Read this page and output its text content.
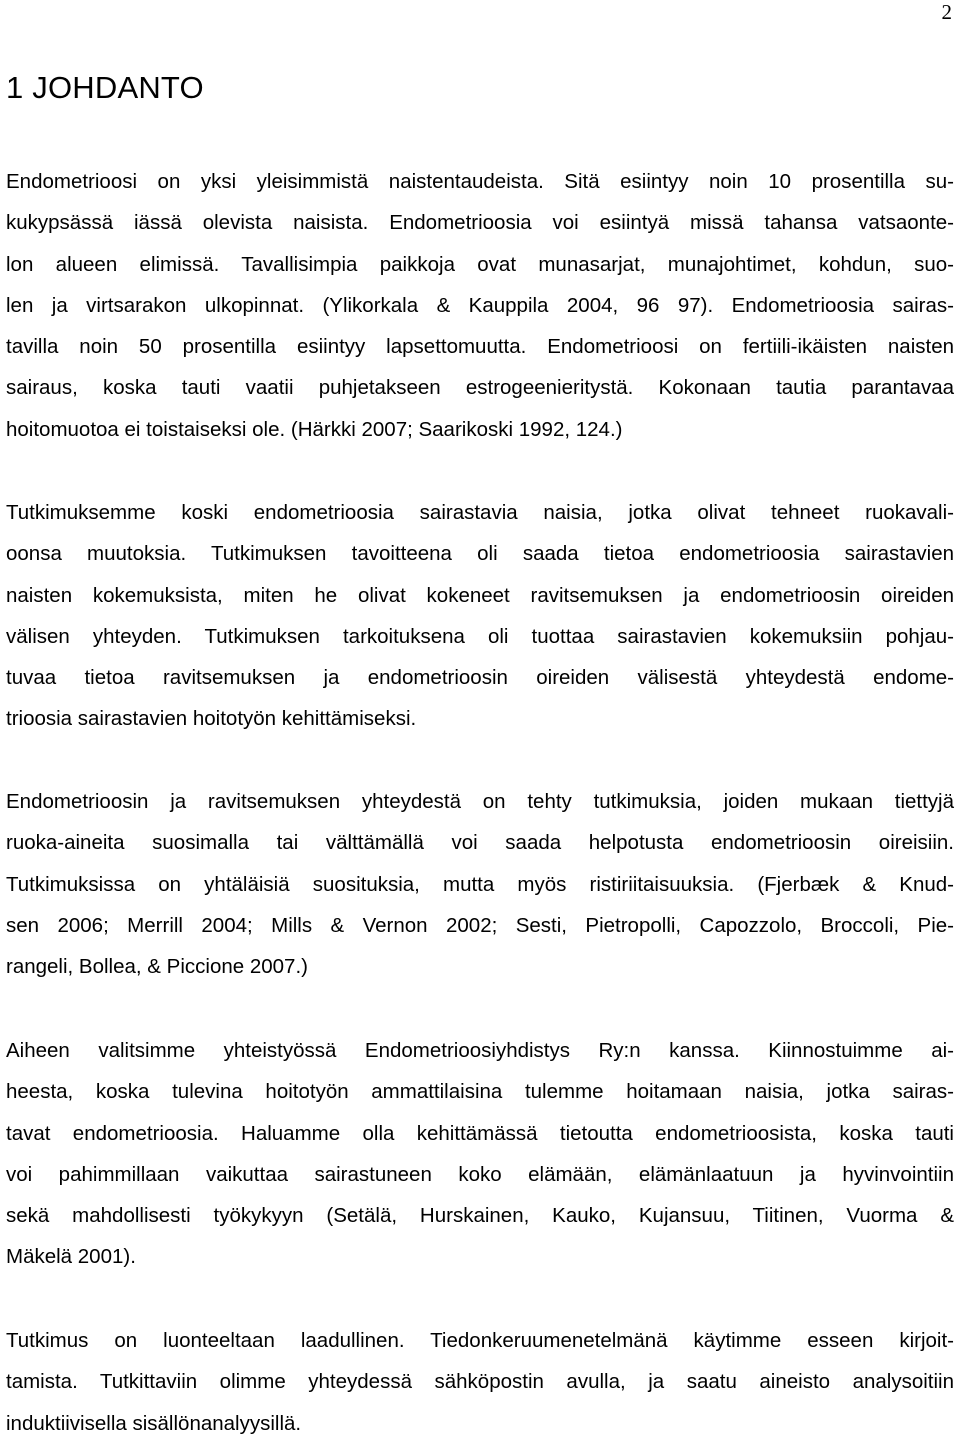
2
1 JOHDANTO
Endometrioosi on yksi yleisimmistä naistentaudeista. Sitä esiintyy noin 10 prosentilla su-
kukypsässä iässä olevista naisista. Endometrioosia voi esiintyä missä tahansa vatsaonte-
lon alueen elimissä. Tavallisimpia paikkoja ovat munasarjat, munajohtimet, kohdun, suo-
len ja virtsarakon ulkopinnat. (Ylikorkala & Kauppila 2004, 96 97). Endometrioosia sairas-
tavilla noin 50 prosentilla esiintyy lapsettomuutta. Endometrioosi on fertiili-ikäisten naisten
sairaus, koska tauti vaatii puhjetakseen estrogeenieritystä. Kokonaan tautia parantavaa
hoitomuotoa ei toistaiseksi ole. (Härkki 2007; Saarikoski 1992, 124.)
Tutkimuksemme koski endometrioosia sairastavia naisia, jotka olivat tehneet ruokavali-
oonsa muutoksia. Tutkimuksen tavoitteena oli saada tietoa endometrioosia sairastavien
naisten kokemuksista, miten he olivat kokeneet ravitsemuksen ja endometrioosin oireiden
välisen yhteyden. Tutkimuksen tarkoituksena oli tuottaa sairastavien kokemuksiin pohjau-
tuvaa tietoa ravitsemuksen ja endometrioosin oireiden välisestä yhteydestä endome-
trioosia sairastavien hoitotyön kehittämiseksi.
Endometrioosin ja ravitsemuksen yhteydestä on tehty tutkimuksia, joiden mukaan tiettyjä
ruoka-aineita suosimalla tai välttämällä voi saada helpotusta endometrioosin oireisiin.
Tutkimuksissa on yhtäläisiä suosituksia, mutta myös ristiriitaisuuksia. (Fjerbæk & Knud-
sen 2006; Merrill 2004; Mills & Vernon 2002; Sesti, Pietropolli, Capozzolo, Broccoli, Pie-
rangeli, Bollea, & Piccione 2007.)
Aiheen valitsimme yhteistyössä Endometrioosiyhdistys Ry:n kanssa. Kiinnostuimme ai-
heesta, koska tulevina hoitotyön ammattilaisina tulemme hoitamaan naisia, jotka sairas-
tavat endometrioosia. Haluamme olla kehittämässä tietoutta endometrioosista, koska tauti
voi pahimmillaan vaikuttaa sairastuneen koko elämään, elämänlaatuun ja hyvinvointiin
sekä mahdollisesti työkykyyn (Setälä, Hurskainen, Kauko, Kujansuu, Tiitinen, Vuorma &
Mäkelä 2001).
Tutkimus on luonteeltaan laadullinen. Tiedonkeruumenetelmänä käytimme esseen kirjoit-
tamista. Tutkittaviin olimme yhteydessä sähköpostin avulla, ja saatu aineisto analysoitiin
induktiivisella sisällönanalyysillä.
